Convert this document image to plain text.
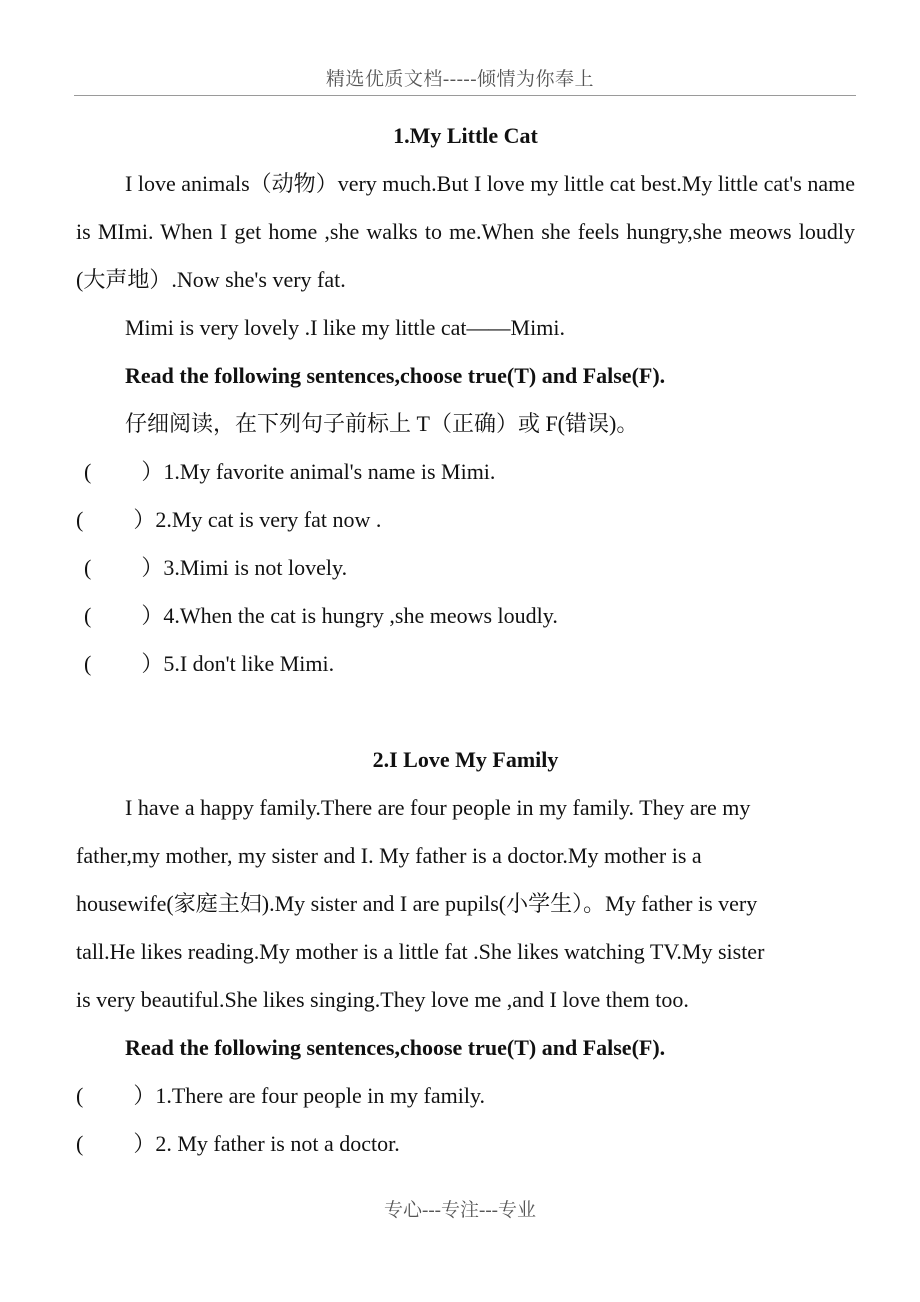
精选优质文档-----倾情为你奉上
1.My Little Cat

I love animals（动物）very much.But I love my little cat best.My little cat's name is MImi. When I get home ,she walks to me.When she feels hungry,she meows loudly (大声地）.Now she's very fat.

Mimi is very lovely .I like my little cat——Mimi.
Read the following sentences,choose true(T) and False(F).
仔细阅读，在下列句子前标上 T（正确）或 F(错误)。
( ）1.My favorite animal's name is Mimi.
( ）2.My cat is very fat now .
( ）3.Mimi is not lovely.
( ）4.When the cat is hungry ,she meows loudly.
( ）5.I don't like Mimi.
2.I Love My Family
I have a happy family.There are four people in my family. They are my
father,my mother, my sister and I. My father is a doctor.My mother is a
housewife(家庭主妇).My sister and I are pupils(小学生）。My father is very
tall.He likes reading.My mother is a little fat .She likes watching TV.My sister
is very beautiful.She likes singing.They love me ,and I love them too.
Read the following sentences,choose true(T) and False(F).
( ）1.There are four people in my family.
( ）2. My father is not a doctor.
专心---专注---专业
